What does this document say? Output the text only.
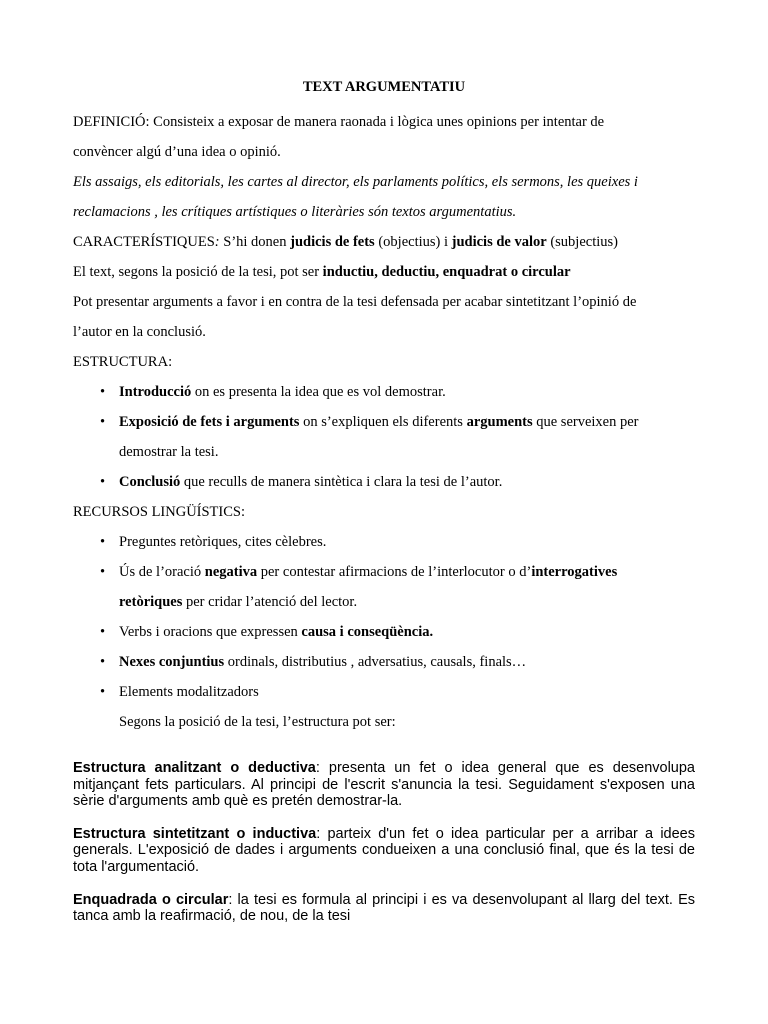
TEXT ARGUMENTATIU
DEFINICIÓ: Consisteix a exposar de manera raonada i lògica unes opinions per intentar de
convèncer algú d’una idea o opinió.
Els assaigs, els editorials, les cartes al director, els parlaments polítics, els sermons, les queixes i
reclamacions , les crítiques artístiques o literàries són textos argumentatius.
CARACTERÍSTIQUES: S’hi donen judicis de fets (objectius) i judicis de valor (subjectius)
El text, segons la posició de la tesi, pot ser inductiu, deductiu, enquadrat o circular
Pot presentar arguments a favor i en contra de la tesi defensada per acabar sintetitzant l’opinió de
l’autor en la conclusió.
ESTRUCTURA:
• Introducció on es presenta la idea que es vol demostrar.
• Exposició de fets i arguments on s’expliquen els diferents arguments que serveixen per
demostrar la tesi.
• Conclusió que reculls de manera sintètica i clara la tesi de l’autor.
RECURSOS LINGÜÍSTICS:
• Preguntes retòriques, cites cèlebres.
• Ús de l’oració negativa per contestar afirmacions de l’interlocutor o d’interrogatives
retòriques per cridar l’atenció del lector.
• Verbs i oracions que expressen causa i conseqüència.
• Nexes conjuntius ordinals, distributius , adversatius, causals, finals…
• Elements modalitzadors
Segons la posició de la tesi, l’estructura pot ser:

Estructura analitzant o deductiva: presenta un fet o idea general que es desenvolupa mitjançant fets particulars. Al principi de l'escrit s'anuncia la tesi. Seguidament s'exposen una sèrie d'arguments amb què es pretén demostrar-la.

Estructura sintetitzant o inductiva: parteix d'un fet o idea particular per a arribar a idees generals. L'exposició de dades i arguments condueixen a una conclusió final, que és la tesi de tota l'argumentació.

Enquadrada o circular: la tesi es formula al principi i es va desenvolupant al llarg del text. Es tanca amb la reafirmació, de nou, de la tesi
